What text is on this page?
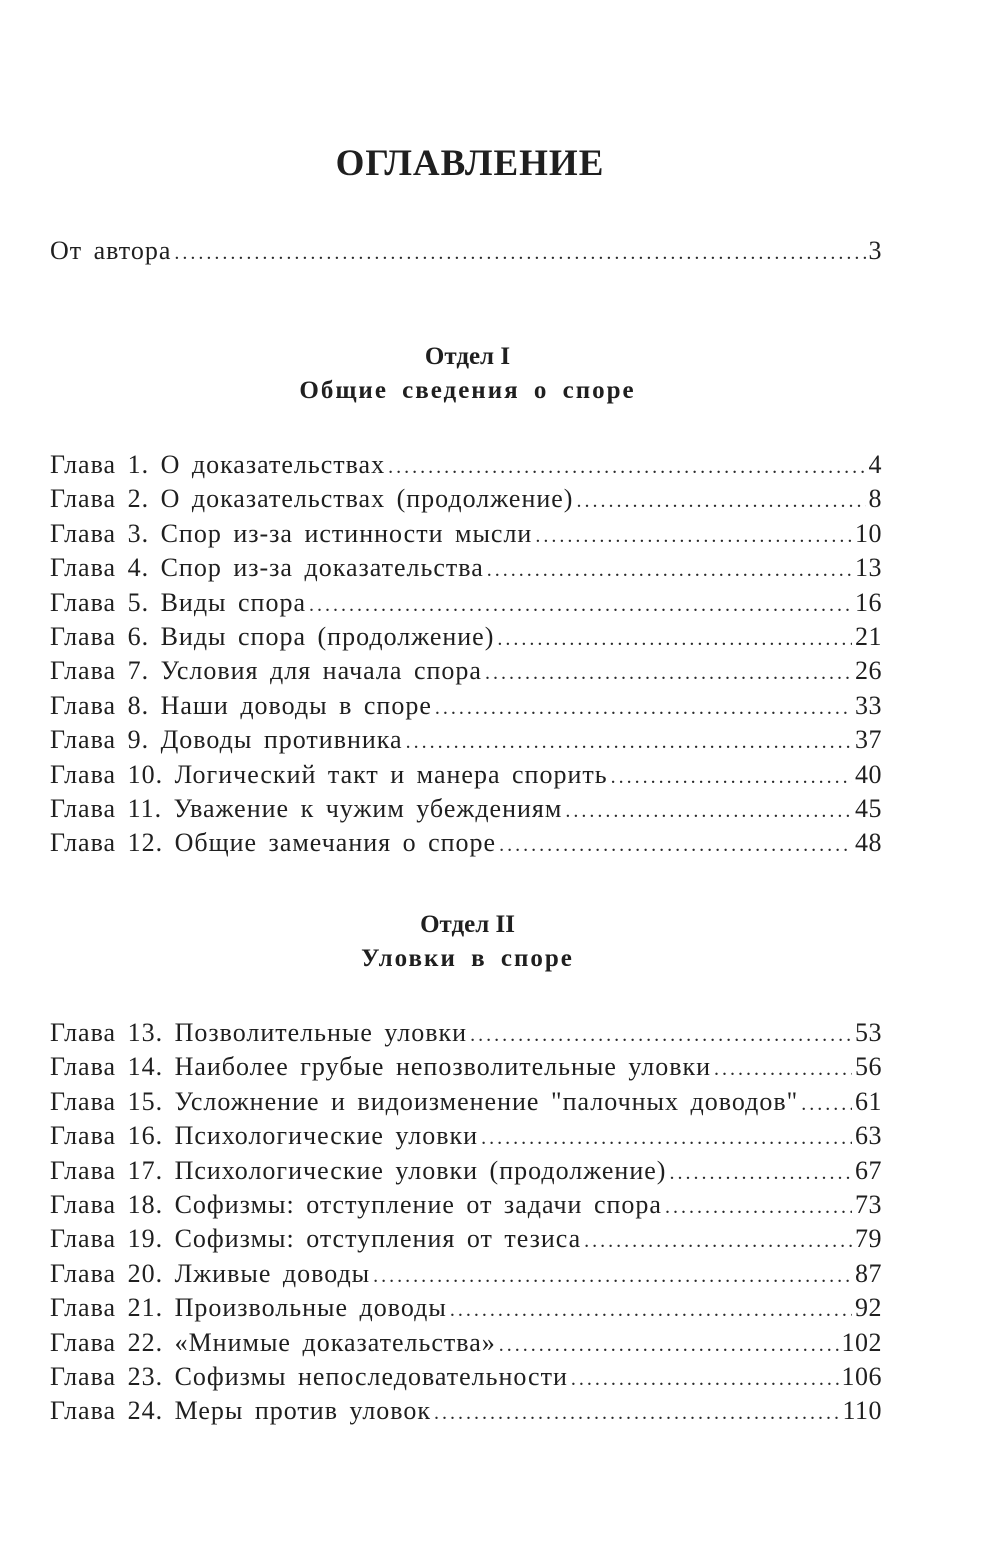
ОГЛАВЛЕНИЕ
От автора .....	3
Отдел I
Общие сведения о споре
Глава 1. О доказательствах .....	4
Глава 2. О доказательствах (продолжение) .....	8
Глава 3. Спор из-за истинности мысли .....	10
Глава 4. Спор из-за доказательства .....	13
Глава 5. Виды спора .....	16
Глава 6. Виды спора (продолжение) .....	21
Глава 7. Условия для начала спора .....	26
Глава 8. Наши доводы в споре .....	33
Глава 9. Доводы противника .....	37
Глава 10. Логический такт и манера спорить .....	40
Глава 11. Уважение к чужим убеждениям .....	45
Глава 12. Общие замечания о споре .....	48
Отдел II
Уловки в споре
Глава 13. Позволительные уловки .....	53
Глава 14. Наиболее грубые непозволительные уловки .....	56
Глава 15. Усложнение и видоизменение "палочных доводов" ..... 61
Глава 16. Психологические уловки .....	63
Глава 17. Психологические уловки (продолжение) .....	67
Глава 18. Софизмы: отступление от задачи спора .....	73
Глава 19. Софизмы: отступления от тезиса .....	79
Глава 20. Лживые доводы .....	87
Глава 21. Произвольные доводы .....	92
Глава 22. «Мнимые доказательства» .....	102
Глава 23. Софизмы непоследовательности .....	106
Глава 24. Меры против уловок .....	110
